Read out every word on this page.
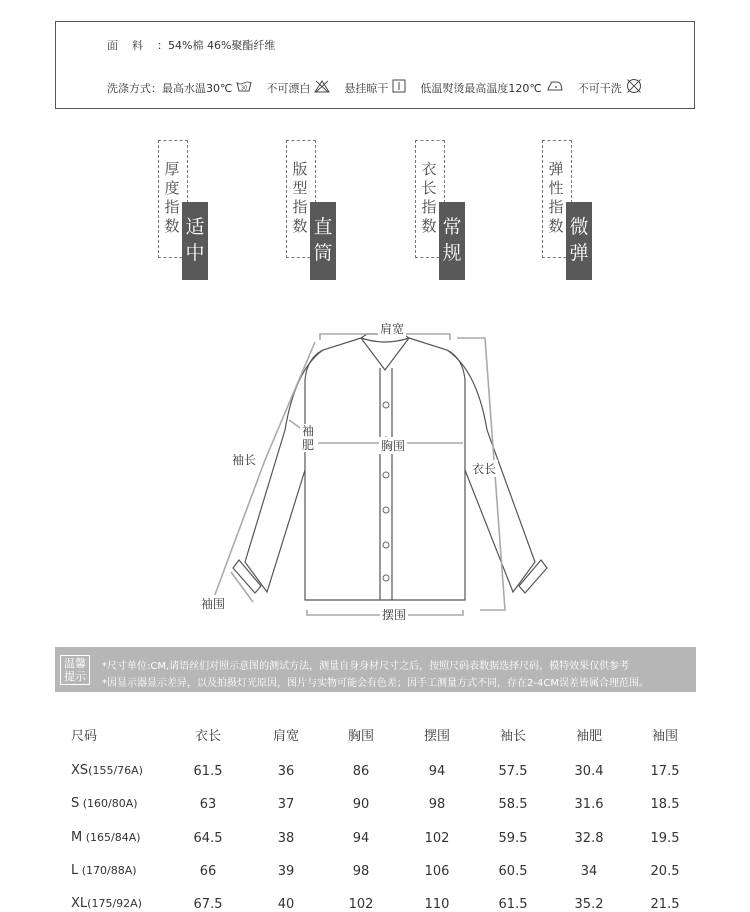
面料：54%棉 46%聚酯纤维
洗涤方式： 最高水温30℃ 30 不可漂白	悬挂晾干	低温熨烫最高温度120℃	不可干洗
厚度指数 适中
版型指数 直筒
衣长指数 常规
弹性指数 微弹
肩宽
袖肥	胸围
袖长
衣长
袖围
摆围
温馨提示
*尺寸单位:CM,请语丝们对照示意图的测试方法，测量自身身材尺寸之后，按照尺码表数据选择尺码，模特效果仅供参考
*因显示器显示差异，以及拍摄灯光原因，图片与实物可能会有色差；因手工测量方式不同，存在2-4CM误差皆属合理范围。
尺码	衣长	肩宽	胸围	摆围	袖长	袖肥	袖围
XS(155/76A)	61.5	36	86	94	57.5	30.4	17.5
S (160/80A)	63	37	90	98	58.5	31.6	18.5
M (165/84A)	64.5	38	94	102	59.5	32.8	19.5
L (170/88A)	66	39	98	106	60.5	34	20.5
XL(175/92A)	67.5	40	102	110	61.5	35.2	21.5
